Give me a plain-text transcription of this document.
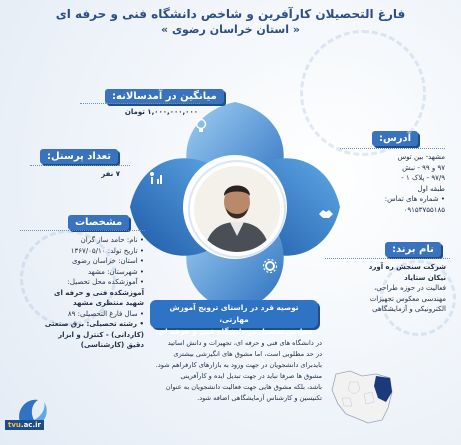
فارغ التحصیلان کارآفرین و شاخص دانشگاه فنی و حرفه ای
« استان خراسان رضوی »
میانگین در آمدسالانه:
۱,۰۰۰,۰۰۰,۰۰۰ تومان
تعداد پرسنل:
۷ نفر
مشخصات
• نام: حامد ساز گران
• تاریخ تولد: ۱۳۶۷/۰۵/۱۰
• استان: خراسان رضوی
• شهرستان: مشهد
• آموزشکده محل تحصیل:
آموزشکده فنی و حرفه ای
شهید منتظری مشهد
• سال فارغ التحصیلی: ۸۹
• رشته تحصیلی: برق صنعتی
(کاردانی) - کنترل و ابزار
دقیق (کارشناسی)
آدرس:
مشهد- بین توس
۹۷ و ۹۹ - نبش
۹۷/۹ - پلاک ۱ -
طبقه اول
• شماره های تماس:
۰۹۱۵۳۷۵۵۱۸۵
نام برند:
شرکت سنجش ره آورد
نیکان ستایاد
فعالیت در حوزه طراحی،
مهندسی معکوس تجهیزات
الکترونیکی و آزمایشگاهی
توصیه فرد در راستای ترویج آموزش مهارتی،
محاسن تحصیل در دانشگاه فنی و حرفه ای:
در دانشگاه های فنی و حرفه ای، تجهیزات و دانش اساتید
در حد مطلوبی است، اما مشوق های انگیزشی بیشتری
بایدبرای دانشجویان در جهت ورود به بازارهای کارفراهم شود.
مشوق ها صرفا نباید در جهت تبدیل ایده و کارآفرینی
باشد، بلکه مشوق هایی جهت فعالیت دانشجویان به عنوان
تکنیسین و کارشناس آزمایشگاهی اضافه شود.
tvu.ac.ir
